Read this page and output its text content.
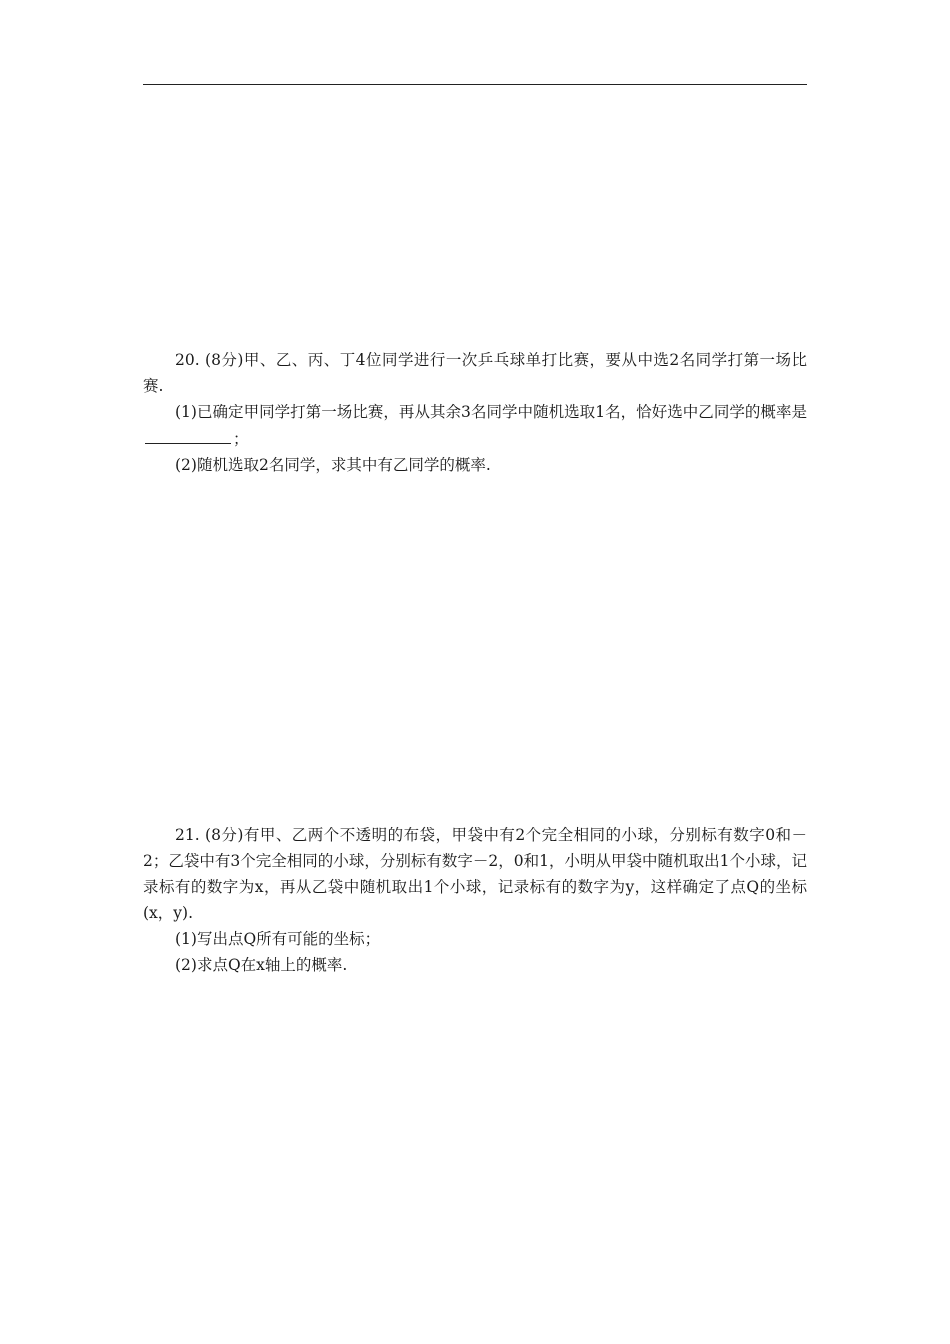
20. (8分)甲、乙、丙、丁4位同学进行一次乒乓球单打比赛，要从中选2名同学打第一场比赛.

(1)已确定甲同学打第一场比赛，再从其余3名同学中随机选取1名，恰好选中乙同学的概率是；

(2)随机选取2名同学，求其中有乙同学的概率.

21. (8分)有甲、乙两个不透明的布袋，甲袋中有2个完全相同的小球，分别标有数字0和－2；乙袋中有3个完全相同的小球，分别标有数字－2，0和1，小明从甲袋中随机取出1个小球，记录标有的数字为x，再从乙袋中随机取出1个小球，记录标有的数字为y，这样确定了点Q的坐标(x，y).

(1)写出点Q所有可能的坐标；

(2)求点Q在x轴上的概率.
